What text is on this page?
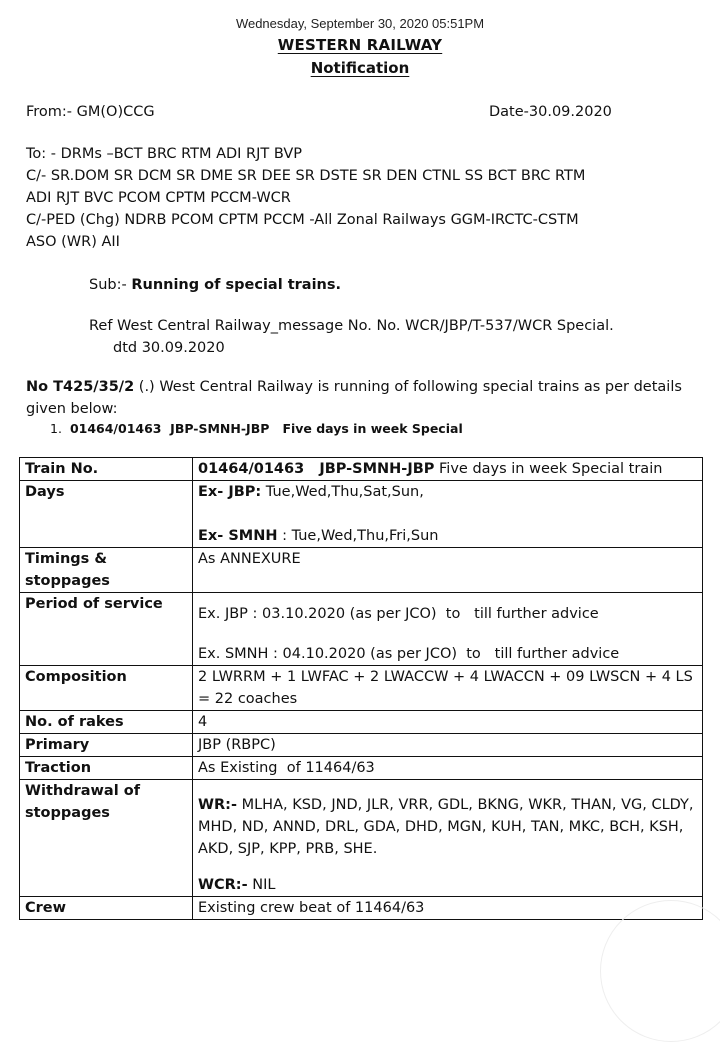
Wednesday, September 30, 2020 05:51PM
WESTERN RAILWAY
Notification
From:- GM(O)CCG	Date-30.09.2020
To: - DRMs –BCT BRC RTM ADI RJT BVP
C/- SR.DOM SR DCM SR DME SR DEE SR DSTE SR DEN CTNL SS BCT BRC RTM
ADI RJT BVC PCOM CPTM PCCM-WCR
C/-PED (Chg) NDRB PCOM CPTM PCCM -All Zonal Railways GGM-IRCTC-CSTM
ASO (WR) AII
Sub:- Running of special trains.
Ref West Central Railway_message No. No. WCR/JBP/T-537/WCR Special.
dtd 30.09.2020
No T425/35/2 (.) West Central Railway is running of following special trains as per details given below:
1. 01464/01463  JBP-SMNH-JBP   Five days in week Special
Train No.	01464/01463   JBP-SMNH-JBP Five days in week Special train
Days	Ex- JBP: Tue,Wed,Thu,Sat,Sun,
Ex- SMNH : Tue,Wed,Thu,Fri,Sun

Timings & stoppages	As ANNEXURE
Period of service	Ex. JBP : 03.10.2020 (as per JCO)  to   till further advice
Ex. SMNH : 04.10.2020 (as per JCO)  to   till further advice

Composition	2 LWRRM + 1 LWFAC + 2 LWACCW + 4 LWACCN + 09 LWSCN + 4 LS = 22 coaches
No. of rakes	4
Primary	JBP (RBPC)
Traction	As Existing  of 11464/63
Withdrawal of stoppages	WR:- MLHA, KSD, JND, JLR, VRR, GDL, BKNG, WKR, THAN, VG, CLDY, MHD, ND, ANND, DRL, GDA, DHD, MGN, KUH, TAN, MKC, BCH, KSH, AKD, SJP, KPP, PRB, SHE.
WCR:- NIL

Crew	Existing crew beat of 11464/63
